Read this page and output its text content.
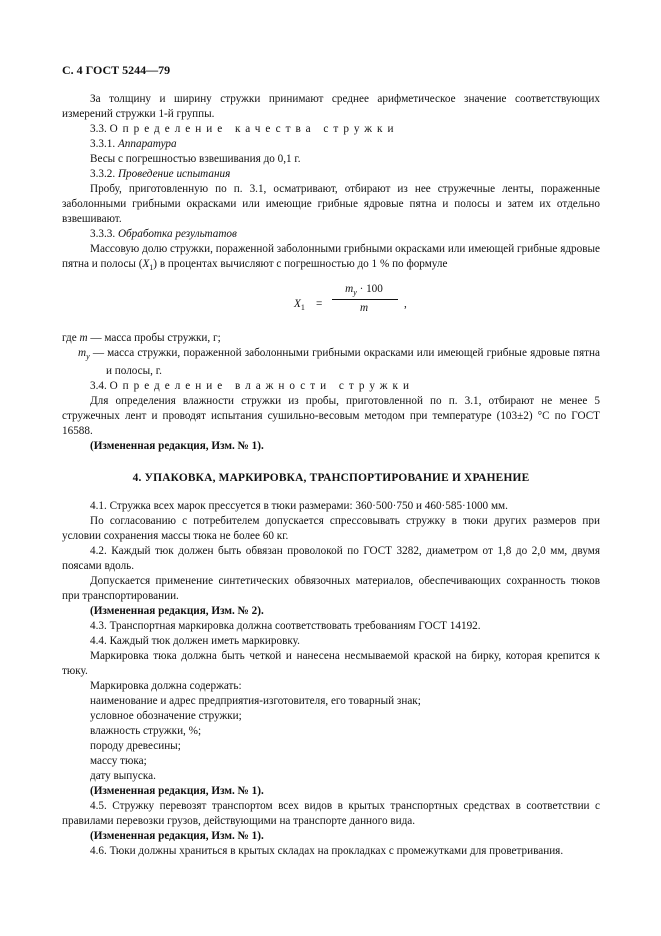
С. 4 ГОСТ 5244—79

За толщину и ширину стружки принимают среднее арифметическое значение соответствующих измерений стружки 1-й группы.

3.3. Определение качества стружки

3.3.1. Аппаратура

Весы с погрешностью взвешивания до 0,1 г.

3.3.2. Проведение испытания

Пробу, приготовленную по п. 3.1, осматривают, отбирают из нее стружечные ленты, пораженные заболонными грибными окрасками или имеющие грибные ядровые пятна и полосы и затем их отдельно взвешивают.

3.3.3. Обработка результатов

Массовую долю стружки, пораженной заболонными грибными окрасками или имеющей грибные ядровые пятна и полосы $(X_1)$ в процентах вычисляют с погрешностью до 1 % по формуле

$X_1$ =
$m_у \cdot 100$
m	,

где m — масса пробы стружки, г;

$m_у$ — масса стружки, пораженной заболонными грибными окрасками или имеющей грибные ядровые пятна и полосы, г.

3.4. Определение влажности стружки

Для определения влажности стружки из пробы, приготовленной по п. 3.1, отбирают не менее 5 стружечных лент и проводят испытания сушильно-весовым методом при температуре (103±2) °С по ГОСТ 16588.

(Измененная редакция, Изм. № 1).

4. УПАКОВКА, МАРКИРОВКА, ТРАНСПОРТИРОВАНИЕ И ХРАНЕНИЕ

4.1. Стружка всех марок прессуется в тюки размерами: 360·500·750 и 460·585·1000 мм.

По согласованию с потребителем допускается спрессовывать стружку в тюки других размеров при условии сохранения массы тюка не более 60 кг.

4.2. Каждый тюк должен быть обвязан проволокой по ГОСТ 3282, диаметром от 1,8 до 2,0 мм, двумя поясами вдоль.

Допускается применение синтетических обвязочных материалов, обеспечивающих сохранность тюков при транспортировании.

(Измененная редакция, Изм. № 2).

4.3. Транспортная маркировка должна соответствовать требованиям ГОСТ 14192.

4.4. Каждый тюк должен иметь маркировку.

Маркировка тюка должна быть четкой и нанесена несмываемой краской на бирку, которая крепится к тюку.

Маркировка должна содержать:

наименование и адрес предприятия-изготовителя, его товарный знак;

условное обозначение стружки;

влажность стружки, %;

породу древесины;

массу тюка;

дату выпуска.

(Измененная редакция, Изм. № 1).

4.5. Стружку перевозят транспортом всех видов в крытых транспортных средствах в соответствии с правилами перевозки грузов, действующими на транспорте данного вида.

(Измененная редакция, Изм. № 1).

4.6. Тюки должны храниться в крытых складах на прокладках с промежутками для проветривания.
